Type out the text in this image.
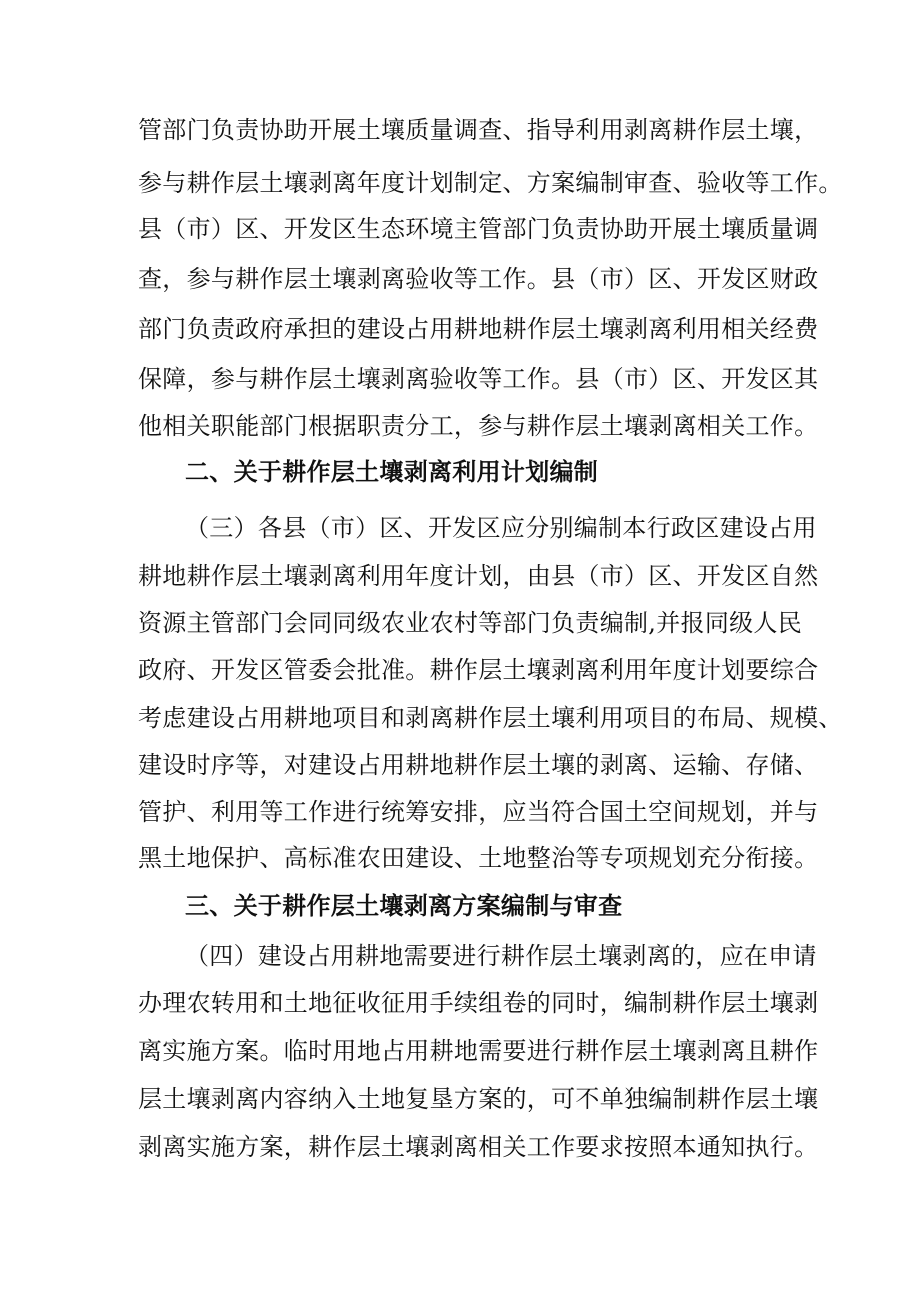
管部门负责协助开展土壤质量调查、指导利用剥离耕作层土壤，
参与耕作层土壤剥离年度计划制定、方案编制审查、验收等工作。
县（市）区、开发区生态环境主管部门负责协助开展土壤质量调
查，参与耕作层土壤剥离验收等工作。县（市）区、开发区财政
部门负责政府承担的建设占用耕地耕作层土壤剥离利用相关经费
保障，参与耕作层土壤剥离验收等工作。县（市）区、开发区其
他相关职能部门根据职责分工，参与耕作层土壤剥离相关工作。
二、关于耕作层土壤剥离利用计划编制
（三）各县（市）区、开发区应分别编制本行政区建设占用
耕地耕作层土壤剥离利用年度计划，由县（市）区、开发区自然
资源主管部门会同同级农业农村等部门负责编制,并报同级人民
政府、开发区管委会批准。耕作层土壤剥离利用年度计划要综合
考虑建设占用耕地项目和剥离耕作层土壤利用项目的布局、规模、
建设时序等，对建设占用耕地耕作层土壤的剥离、运输、存储、
管护、利用等工作进行统筹安排，应当符合国土空间规划，并与
黑土地保护、高标准农田建设、土地整治等专项规划充分衔接。
三、关于耕作层土壤剥离方案编制与审查
（四）建设占用耕地需要进行耕作层土壤剥离的，应在申请
办理农转用和土地征收征用手续组卷的同时，编制耕作层土壤剥
离实施方案。临时用地占用耕地需要进行耕作层土壤剥离且耕作
层土壤剥离内容纳入土地复垦方案的，可不单独编制耕作层土壤
剥离实施方案，耕作层土壤剥离相关工作要求按照本通知执行。
